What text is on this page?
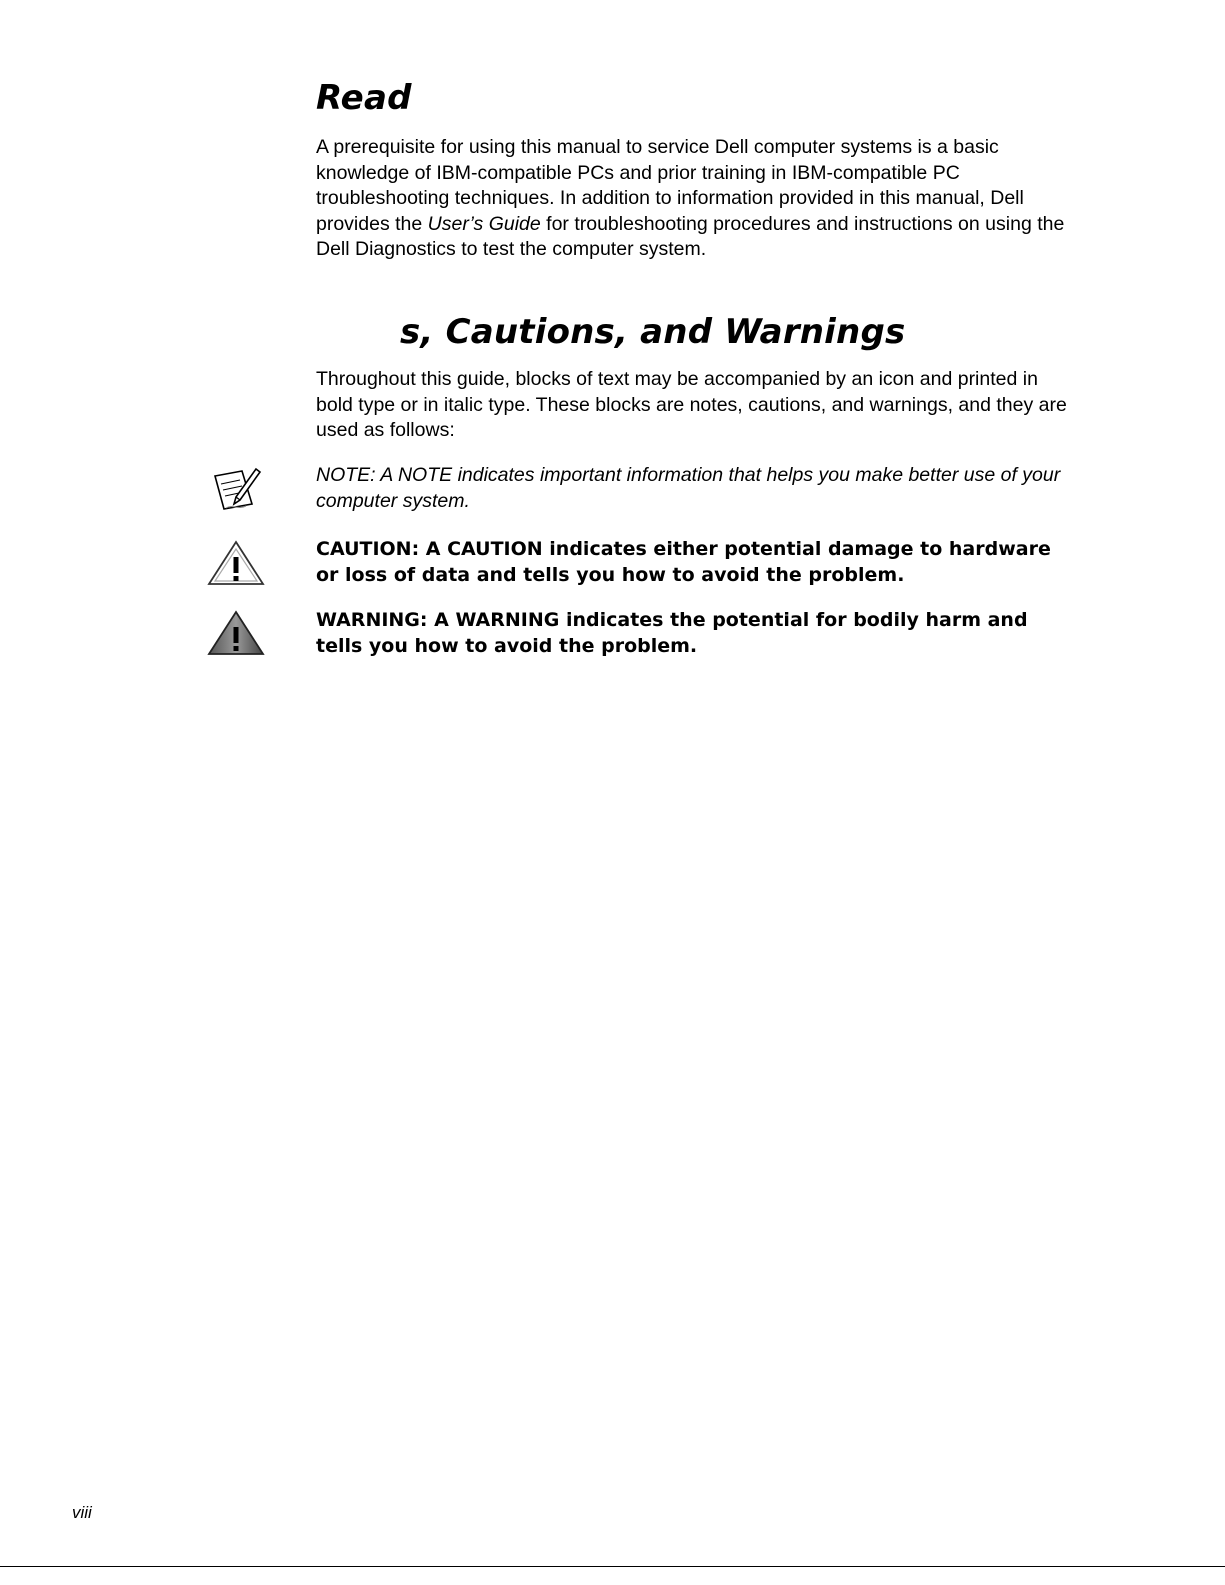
Read

A prerequisite for using this manual to service Dell computer systems is a basic knowledge of IBM-compatible PCs and prior training in IBM-compatible PC troubleshooting techniques. In addition to information provided in this manual, Dell provides the User’s Guide for troubleshooting procedures and instructions on using the Dell Diagnostics to test the computer system.

s, Cautions, and Warnings

Throughout this guide, blocks of text may be accompanied by an icon and printed in bold type or in italic type. These blocks are notes, cautions, and warnings, and they are used as follows:

NOTE: A NOTE indicates important information that helps you make better use of your computer system.

CAUTION: A CAUTION indicates either potential damage to hardware or loss of data and tells you how to avoid the problem.

WARNING: A WARNING indicates the potential for bodily harm and tells you how to avoid the problem.

viii
